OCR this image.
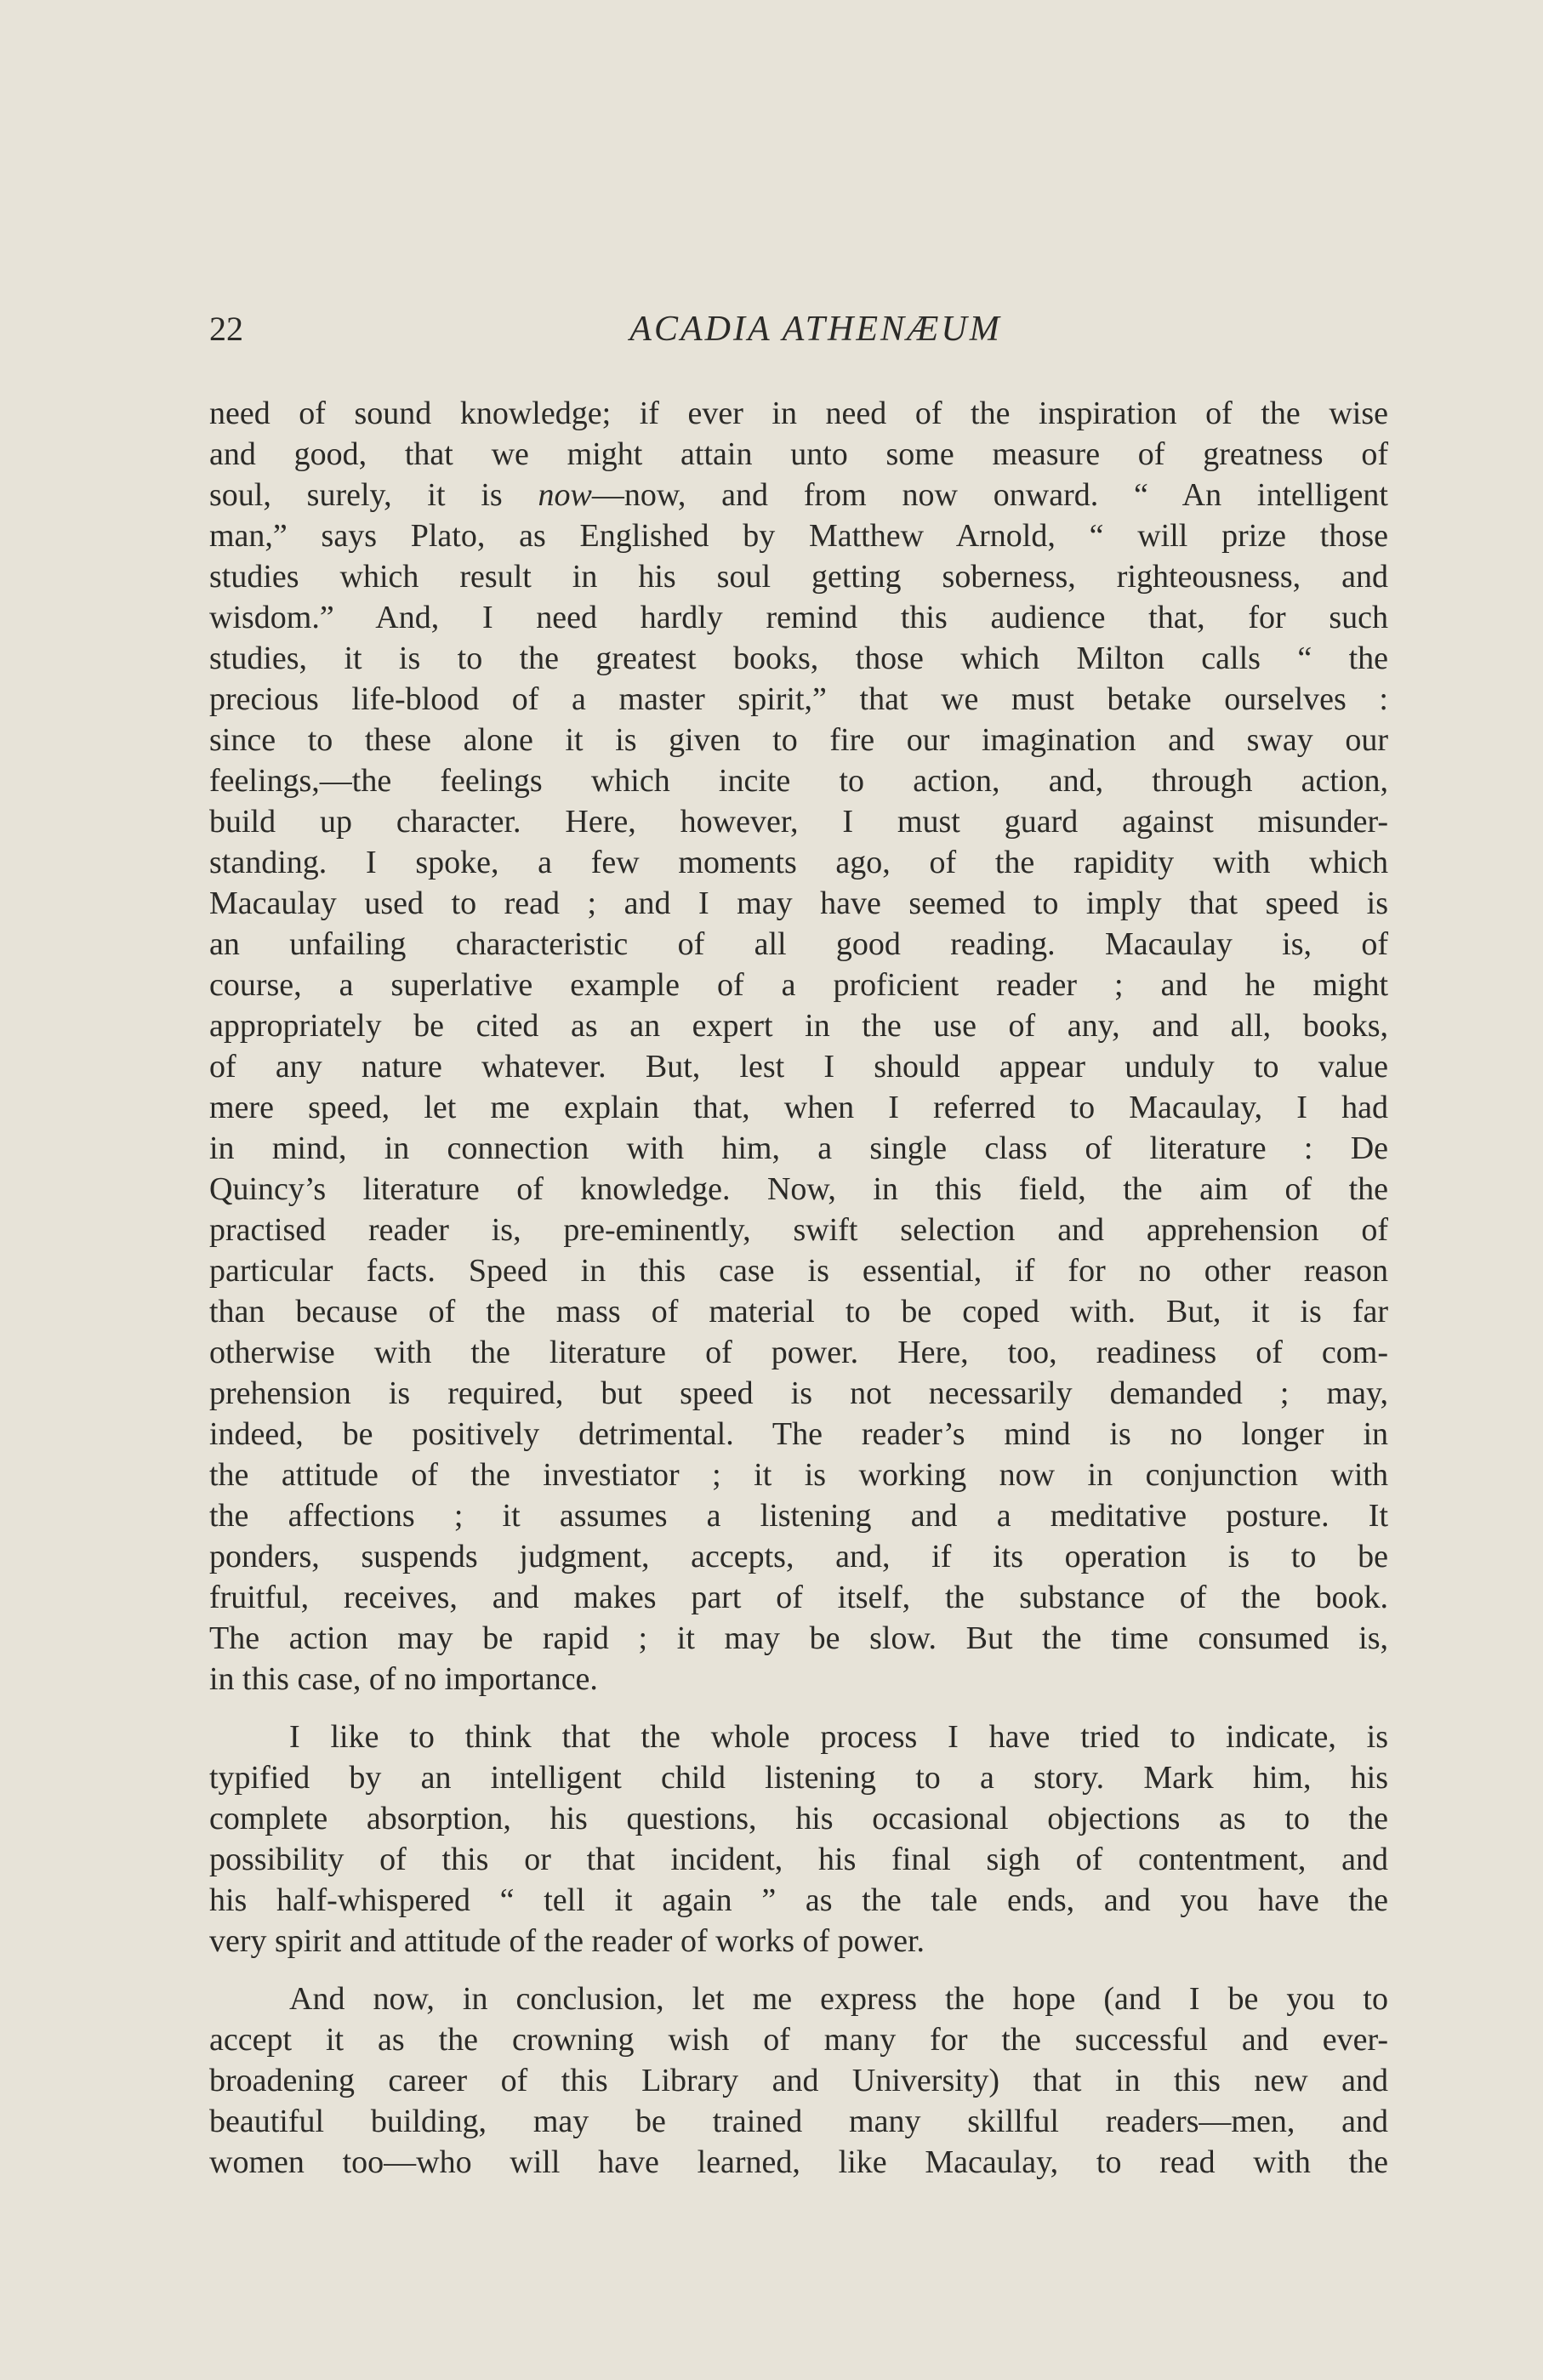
22	ACADIA ATHENÆUM
need of sound knowledge; if ever in need of the inspiration of the wise
and good, that we might attain unto some measure of greatness of
soul, surely, it is now—now, and from now onward. “ An intelligent
man,” says Plato, as Englished by Matthew Arnold, “ will prize those
studies which result in his soul getting soberness, righteousness, and
wisdom.” And, I need hardly remind this audience that, for such
studies, it is to the greatest books, those which Milton calls “ the
precious life-blood of a master spirit,” that we must betake ourselves :
since to these alone it is given to fire our imagination and sway our
feelings,—the feelings which incite to action, and, through action,
build up character. Here, however, I must guard against misunder-
standing. I spoke, a few moments ago, of the rapidity with which
Macaulay used to read ; and I may have seemed to imply that speed is
an unfailing characteristic of all good reading. Macaulay is, of
course, a superlative example of a proficient reader ; and he might
appropriately be cited as an expert in the use of any, and all, books,
of any nature whatever. But, lest I should appear unduly to value
mere speed, let me explain that, when I referred to Macaulay, I had
in mind, in connection with him, a single class of literature : De
Quincy’s literature of knowledge. Now, in this field, the aim of the
practised reader is, pre-eminently, swift selection and apprehension of
particular facts. Speed in this case is essential, if for no other reason
than because of the mass of material to be coped with. But, it is far
otherwise with the literature of power. Here, too, readiness of com-
prehension is required, but speed is not necessarily demanded ; may,
indeed, be positively detrimental. The reader’s mind is no longer in
the attitude of the investiator ; it is working now in conjunction with
the affections ; it assumes a listening and a meditative posture. It
ponders, suspends judgment, accepts, and, if its operation is to be
fruitful, receives, and makes part of itself, the substance of the book.
The action may be rapid ; it may be slow. But the time consumed is,
in this case, of no importance.
I like to think that the whole process I have tried to indicate, is
typified by an intelligent child listening to a story. Mark him, his
complete absorption, his questions, his occasional objections as to the
possibility of this or that incident, his final sigh of contentment, and
his half-whispered “ tell it again ” as the tale ends, and you have the
very spirit and attitude of the reader of works of power.
And now, in conclusion, let me express the hope (and I be you to
accept it as the crowning wish of many for the successful and ever-
broadening career of this Library and University) that in this new and
beautiful building, may be trained many skillful readers—men, and
women too—who will have learned, like Macaulay, to read with the
